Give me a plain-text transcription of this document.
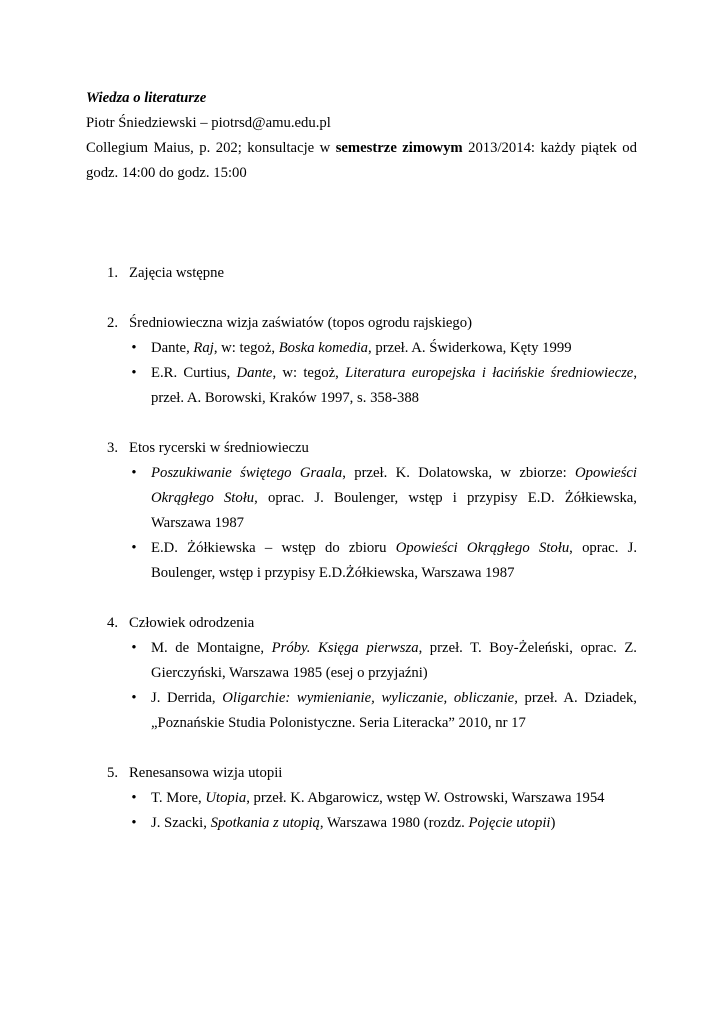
Wiedza o literaturze
Piotr Śniedziewski – piotrsd@amu.edu.pl
Collegium Maius, p. 202; konsultacje w semestrze zimowym 2013/2014: każdy piątek od godz. 14:00 do godz. 15:00
1. Zajęcia wstępne
2. Średniowieczna wizja zaświatów (topos ogrodu rajskiego)
• Dante, Raj, w: tegoż, Boska komedia, przeł. A. Świderkowa, Kęty 1999
• E.R. Curtius, Dante, w: tegoż, Literatura europejska i łacińskie średniowiecze, przeł. A. Borowski, Kraków 1997, s. 358-388
3. Etos rycerski w średniowieczu
• Poszukiwanie świętego Graala, przeł. K. Dolatowska, w zbiorze: Opowieści Okrągłego Stołu, oprac. J. Boulenger, wstęp i przypisy E.D. Żółkiewska, Warszawa 1987
• E.D. Żółkiewska – wstęp do zbioru Opowieści Okrągłego Stołu, oprac. J. Boulenger, wstęp i przypisy E.D.Żółkiewska, Warszawa 1987
4. Człowiek odrodzenia
• M. de Montaigne, Próby. Księga pierwsza, przeł. T. Boy-Żeleński, oprac. Z. Gierczyński, Warszawa 1985 (esej o przyjaźni)
• J. Derrida, Oligarchie: wymienianie, wyliczanie, obliczanie, przeł. A. Dziadek, „Poznańskie Studia Polonistyczne. Seria Literacka” 2010, nr 17
5. Renesansowa wizja utopii
• T. More, Utopia, przeł. K. Abgarowicz, wstęp W. Ostrowski, Warszawa 1954
• J. Szacki, Spotkania z utopią, Warszawa 1980 (rozdz. Pojęcie utopii)
